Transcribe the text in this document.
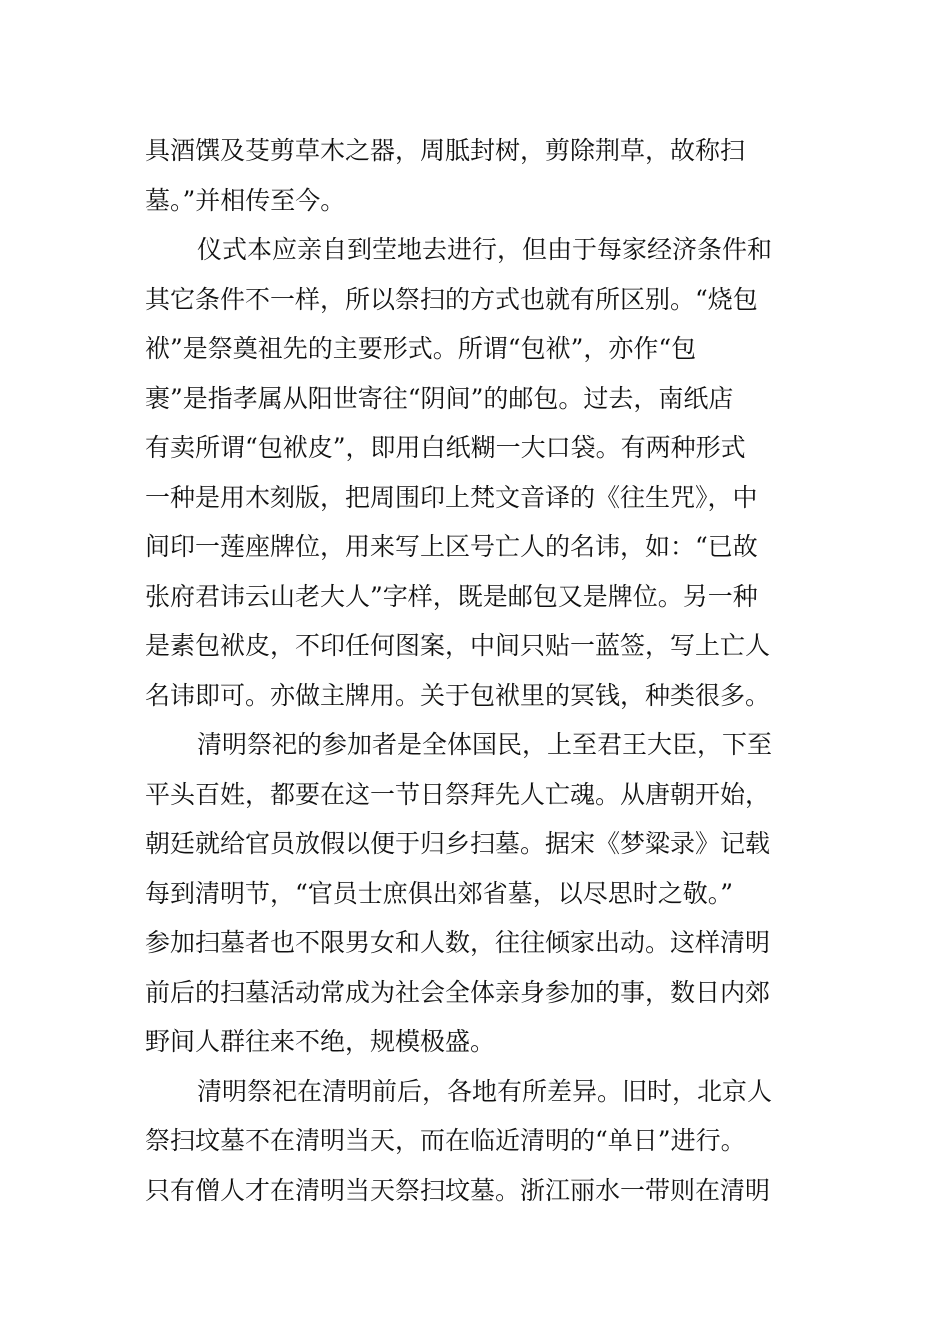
具酒馔及芟剪草木之器，周胝封树，剪除荆草，故称扫
墓。”并相传至今。
仪式本应亲自到茔地去进行，但由于每家经济条件和
其它条件不一样，所以祭扫的方式也就有所区别。“烧包
袱”是祭奠祖先的主要形式。所谓“包袱”，亦作“包
裹”是指孝属从阳世寄往“阴间”的邮包。过去，南纸店
有卖所谓“包袱皮”，即用白纸糊一大口袋。有两种形式
一种是用木刻版，把周围印上梵文音译的《往生咒》，中
间印一莲座牌位，用来写上区号亡人的名讳，如：“已故
张府君讳云山老大人”字样，既是邮包又是牌位。另一种
是素包袱皮，不印任何图案，中间只贴一蓝签，写上亡人
名讳即可。亦做主牌用。关于包袱里的冥钱，种类很多。
清明祭祀的参加者是全体国民，上至君王大臣，下至
平头百姓，都要在这一节日祭拜先人亡魂。从唐朝开始，
朝廷就给官员放假以便于归乡扫墓。据宋《梦粱录》记载
每到清明节，“官员士庶俱出郊省墓，以尽思时之敬。”
参加扫墓者也不限男女和人数，往往倾家出动。这样清明
前后的扫墓活动常成为社会全体亲身参加的事，数日内郊
野间人群往来不绝，规模极盛。
清明祭祀在清明前后，各地有所差异。旧时，北京人
祭扫坟墓不在清明当天，而在临近清明的“单日”进行。
只有僧人才在清明当天祭扫坟墓。浙江丽水一带则在清明
